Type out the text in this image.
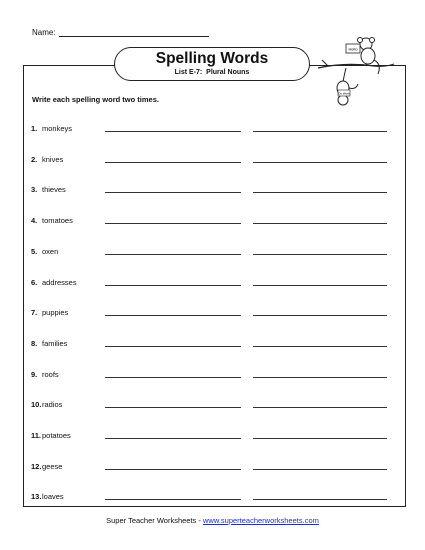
Name:
Spelling Words
List E-7: Plural Nouns
Hello
Do Work
Write each spelling word two times.
1. monkeys
2. knives
3. thieves
4. tomatoes
5. oxen
6. addresses
7. puppies
8. families
9. roofs
10. radios
11. potatoes
12. geese
13. loaves
Super Teacher Worksheets - www.superteacherworksheets.com
